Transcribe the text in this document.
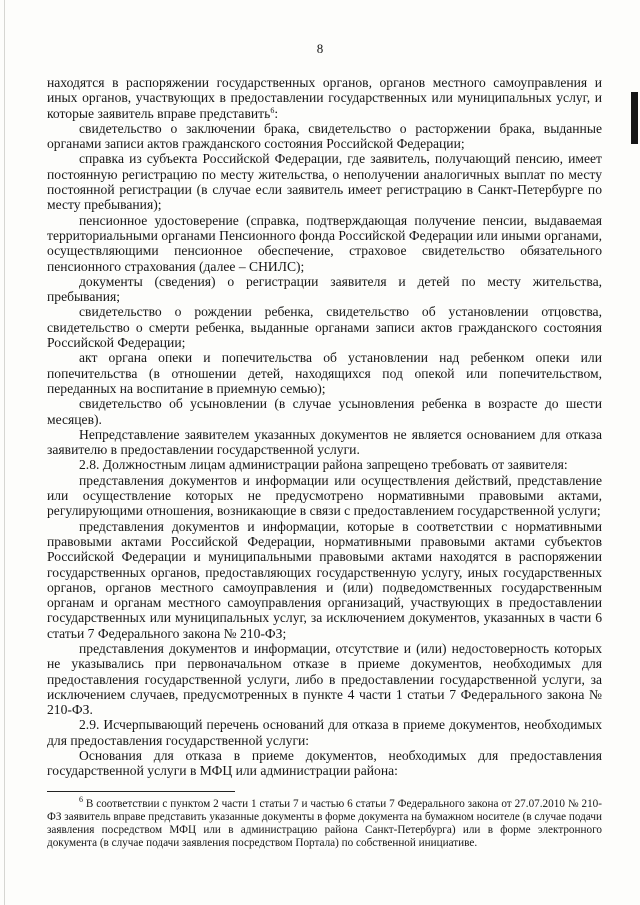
8

находятся в распоряжении государственных органов, органов местного самоуправления и иных органов, участвующих в предоставлении государственных или муниципальных услуг, и которые заявитель вправе представить$^6$:

свидетельство о заключении брака, свидетельство о расторжении брака, выданные органами записи актов гражданского состояния Российской Федерации;

справка из субъекта Российской Федерации, где заявитель, получающий пенсию, имеет постоянную регистрацию по месту жительства, о неполучении аналогичных выплат по месту постоянной регистрации (в случае если заявитель имеет регистрацию в Санкт-Петербурге по месту пребывания);

пенсионное удостоверение (справка, подтверждающая получение пенсии, выдаваемая территориальными органами Пенсионного фонда Российской Федерации или иными органами, осуществляющими пенсионное обеспечение, страховое свидетельство обязательного пенсионного страхования (далее – СНИЛС);

документы (сведения) о регистрации заявителя и детей по месту жительства, пребывания;

свидетельство о рождении ребенка, свидетельство об установлении отцовства, свидетельство о смерти ребенка, выданные органами записи актов гражданского состояния Российской Федерации;

акт органа опеки и попечительства об установлении над ребенком опеки или попечительства (в отношении детей, находящихся под опекой или попечительством, переданных на воспитание в приемную семью);

свидетельство об усыновлении (в случае усыновления ребенка в возрасте до шести месяцев).

Непредставление заявителем указанных документов не является основанием для отказа заявителю в предоставлении государственной услуги.

2.8. Должностным лицам администрации района запрещено требовать от заявителя:

представления документов и информации или осуществления действий, представление или осуществление которых не предусмотрено нормативными правовыми актами, регулирующими отношения, возникающие в связи с предоставлением государственной услуги;

представления документов и информации, которые в соответствии с нормативными правовыми актами Российской Федерации, нормативными правовыми актами субъектов Российской Федерации и муниципальными правовыми актами находятся в распоряжении государственных органов, предоставляющих государственную услугу, иных государственных органов, органов местного самоуправления и (или) подведомственных государственным органам и органам местного самоуправления организаций, участвующих в предоставлении государственных или муниципальных услуг, за исключением документов, указанных в части 6 статьи 7 Федерального закона № 210-ФЗ;

представления документов и информации, отсутствие и (или) недостоверность которых не указывались при первоначальном отказе в приеме документов, необходимых для предоставления государственной услуги, либо в предоставлении государственной услуги, за исключением случаев, предусмотренных в пункте 4 части 1 статьи 7 Федерального закона № 210-ФЗ.

2.9. Исчерпывающий перечень оснований для отказа в приеме документов, необходимых для предоставления государственной услуги:

Основания для отказа в приеме документов, необходимых для предоставления государственной услуги в МФЦ или администрации района:

$^6$ В соответствии с пунктом 2 части 1 статьи 7 и частью 6 статьи 7 Федерального закона от 27.07.2010 № 210-ФЗ заявитель вправе представить указанные документы в форме документа на бумажном носителе (в случае подачи заявления посредством МФЦ или в администрацию района Санкт-Петербурга) или в форме электронного документа (в случае подачи заявления посредством Портала) по собственной инициативе.
